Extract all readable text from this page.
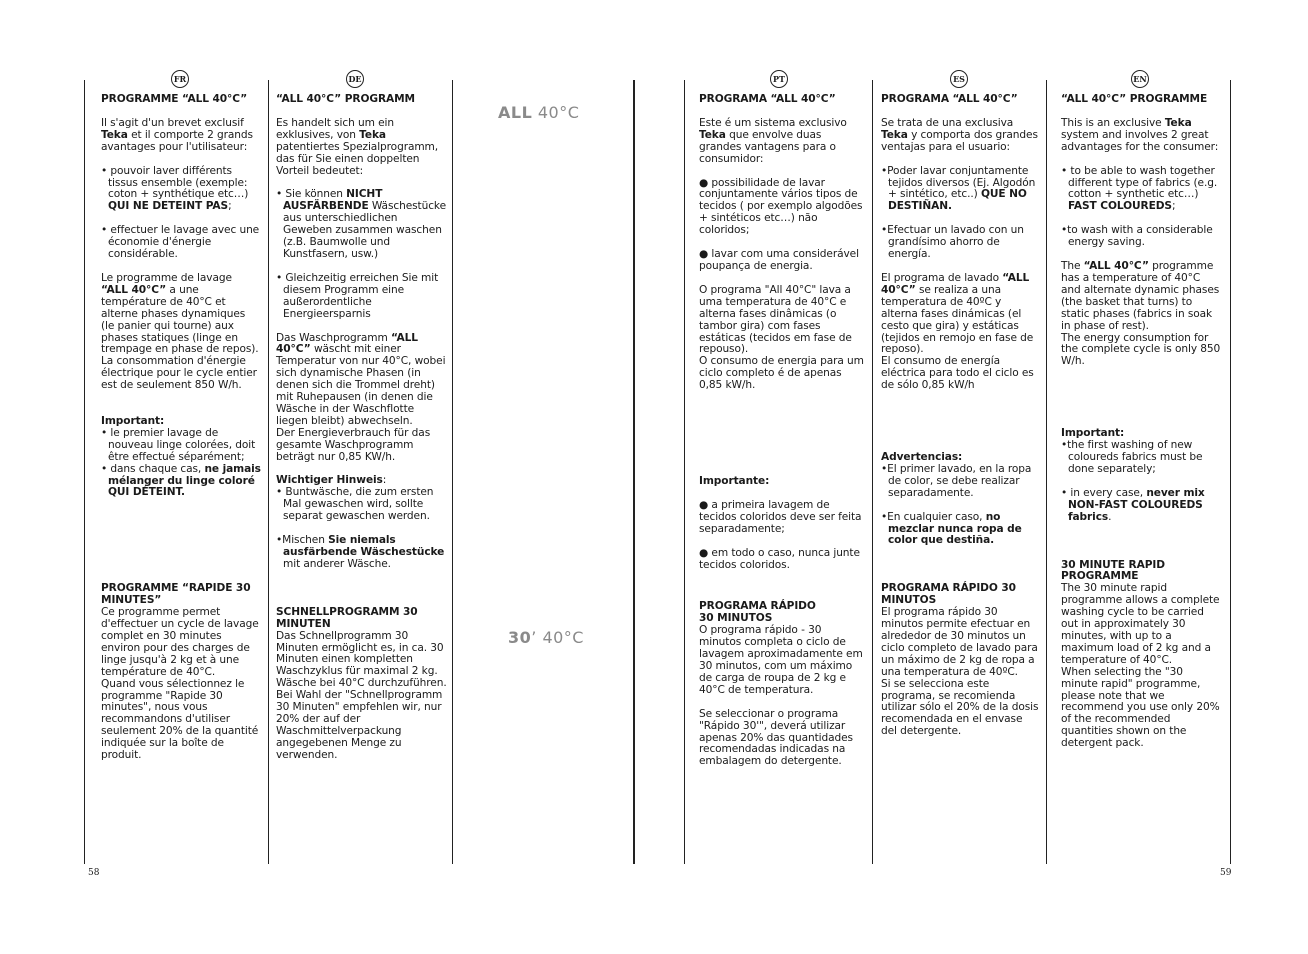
FR	DE	PT	ES	EN
ALL 40°C
30’ 40°C
58	59

PROGRAMME “ALL 40°C”

Il s'agit d'un brevet exclusif Teka et il comporte 2 grands avantages pour l'utilisateur:

• pouvoir laver différents tissus ensemble (exemple: coton + synthétique etc…) QUI NE DETEINT PAS;

• effectuer le lavage avec une économie d'énergie considérable.

Le programme de lavage “ALL 40°C” a une température de 40°C et alterne phases dynamiques (le panier qui tourne) aux phases statiques (linge en trempage en phase de repos).

La consommation d'énergie électrique pour le cycle entier est de seulement 850 W/h.

Important:

• le premier lavage de nouveau linge colorées, doit être effectué séparément;

• dans chaque cas, ne jamais mélanger du linge coloré QUI DÉTEINT.

PROGRAMME “RAPIDE 30 MINUTES”

Ce programme permet d'effectuer un cycle de lavage complet en 30 minutes environ pour des charges de linge jusqu'à 2 kg et à une température de 40°C.

Quand vous sélectionnez le programme "Rapide 30 minutes", nous vous recommandons d'utiliser seulement 20% de la quantité indiquée sur la boîte de produit.

“ALL 40°C” PROGRAMM

Es handelt sich um ein exklusives, von Teka patentiertes Spezialprogramm, das für Sie einen doppelten Vorteil bedeutet:

• Sie können NICHT AUSFÄRBENDE Wäschestücke aus unterschiedlichen Geweben zusammen waschen (z.B. Baumwolle und Kunstfasern, usw.)

• Gleichzeitig erreichen Sie mit diesem Programm eine außerordentliche Energieersparnis

Das Waschprogramm “ALL 40°C” wäscht mit einer Temperatur von nur 40°C, wobei sich dynamische Phasen (in denen sich die Trommel dreht) mit Ruhepausen (in denen die Wäsche in der Waschflotte liegen bleibt) abwechseln.

Der Energieverbrauch für das gesamte Waschprogramm beträgt nur 0,85 KW/h.

Wichtiger Hinweis:

• Buntwäsche, die zum ersten Mal gewaschen wird, sollte separat gewaschen werden.

•Mischen Sie niemals ausfärbende Wäschestücke mit anderer Wäsche.

SCHNELLPROGRAMM 30 MINUTEN

Das Schnellprogramm 30 Minuten ermöglicht es, in ca. 30 Minuten einen kompletten Waschzyklus für maximal 2 kg. Wäsche bei 40°C durchzuführen.

Bei Wahl der "Schnellprogramm 30 Minuten" empfehlen wir, nur 20% der auf der Waschmittelverpackung angegebenen Menge zu verwenden.

PROGRAMA “ALL 40°C”

Este é um sistema exclusivo Teka que envolve duas grandes vantagens para o consumidor:

● possibilidade de lavar conjuntamente vários tipos de tecidos ( por exemplo algodões + sintéticos etc…) não coloridos;

● lavar com uma considerável poupança de energia.

O programa "All 40°C" lava a uma temperatura de 40°C e alterna fases dinâmicas (o tambor gira) com fases estáticas (tecidos em fase de repouso).

O consumo de energia para um ciclo completo é de apenas 0,85 kW/h.

Importante:

● a primeira lavagem de tecidos coloridos deve ser feita separadamente;

● em todo o caso, nunca junte tecidos coloridos.

PROGRAMA RÁPIDO

30 MINUTOS

O programa rápido - 30 minutos completa o ciclo de lavagem aproximadamente em 30 minutos, com um máximo de carga de roupa de 2 kg e 40°C de temperatura.

Se seleccionar o programa "Rápido 30'", deverá utilizar apenas 20% das quantidades recomendadas indicadas na embalagem do detergente.

PROGRAMA “ALL 40°C”

Se trata de una exclusiva Teka y comporta dos grandes ventajas para el usuario:

•Poder lavar conjuntamente tejidos diversos (Ej. Algodón + sintético, etc..) QUE NO DESTIÑAN.

•Efectuar un lavado con un grandísimo ahorro de energía.

El programa de lavado “ALL 40°C” se realiza a una temperatura de 40ºC y alterna fases dinámicas (el cesto que gira) y estáticas (tejidos en remojo en fase de reposo).

El consumo de energía eléctrica para todo el ciclo es de sólo 0,85 kW/h

Advertencias:

•El primer lavado, en la ropa de color, se debe realizar separadamente.

•En cualquier caso, no mezclar nunca ropa de color que destiña.

PROGRAMA RÁPIDO 30 MINUTOS

El programa rápido 30 minutos permite efectuar en alrededor de 30 minutos un ciclo completo de lavado para un máximo de 2 kg de ropa a una temperatura de 40ºC.

Si se selecciona este programa, se recomienda utilizar sólo el 20% de la dosis recomendada en el envase del detergente.

“ALL 40°C” PROGRAMME

This is an exclusive Teka system and involves 2 great advantages for the consumer:

• to be able to wash together different type of fabrics (e.g. cotton + synthetic etc…) FAST COLOUREDS;

•to wash with a considerable energy saving.

The “ALL 40°C” programme has a temperature of 40°C and alternate dynamic phases (the basket that turns) to static phases (fabrics in soak in phase of rest).

The energy consumption for the complete cycle is only 850 W/h.

Important:

•the first washing of new coloureds fabrics must be done separately;

• in every case, never mix NON-FAST COLOUREDS fabrics.

30 MINUTE RAPID PROGRAMME

The 30 minute rapid programme allows a complete washing cycle to be carried out in approximately 30 minutes, with up to a maximum load of 2 kg and a temperature of 40°C.

When selecting the "30 minute rapid" programme, please note that we recommend you use only 20% of the recommended quantities shown on the detergent pack.
